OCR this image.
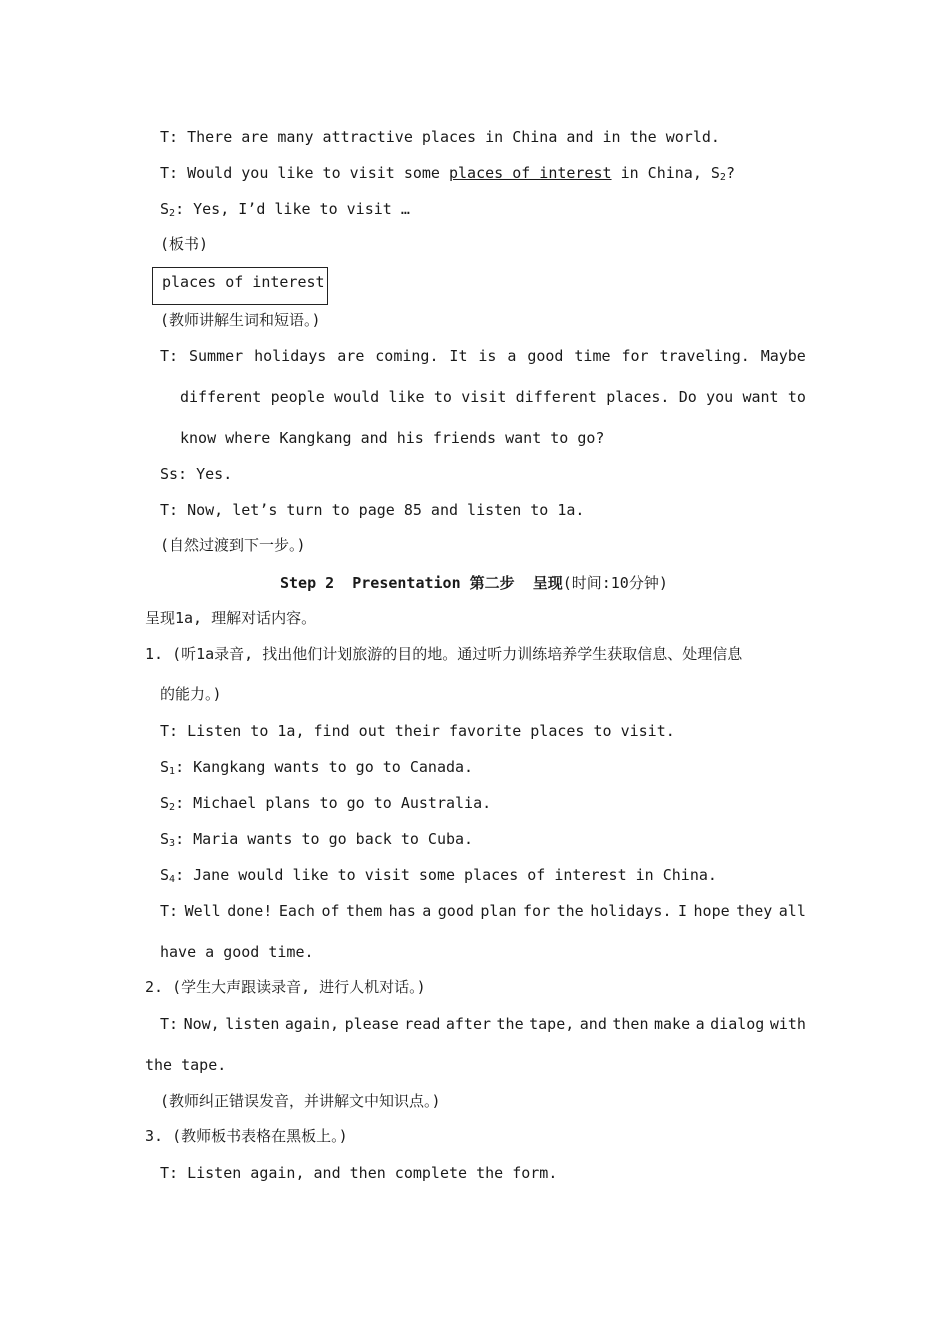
T: There are many attractive places in China and in the world.
T: Would you like to visit some places of interest in China, $S_2$?
$S_2$: Yes, I’d like to visit …
(板书)
places of interest
(教师讲解生词和短语。)
T: Summer holidays are coming. It is a good time for traveling. Maybe
different people would like to visit different places. Do you want to
know where Kangkang and his friends want to go?
Ss: Yes.
T: Now, let’s turn to page 85 and listen to 1a.
(自然过渡到下一步。)
Step 2  Presentation 第二步  呈现(时间:10分钟)
呈现1a, 理解对话内容。
1. (听1a录音, 找出他们计划旅游的目的地。通过听力训练培养学生获取信息、处理信息
的能力。)
T: Listen to 1a, find out their favorite places to visit.
$S_1$: Kangkang wants to go to Canada.
$S_2$: Michael plans to go to Australia.
$S_3$: Maria wants to go back to Cuba.
$S_4$: Jane would like to visit some places of interest in China.
T: Well done! Each of them has a good plan for the holidays. I hope they all
have a good time.
2. (学生大声跟读录音, 进行人机对话。)
T: Now, listen again, please read after the tape, and then make a dialog with
the tape.
(教师纠正错误发音，并讲解文中知识点。)
3. (教师板书表格在黑板上。)
T: Listen again, and then complete the form.
